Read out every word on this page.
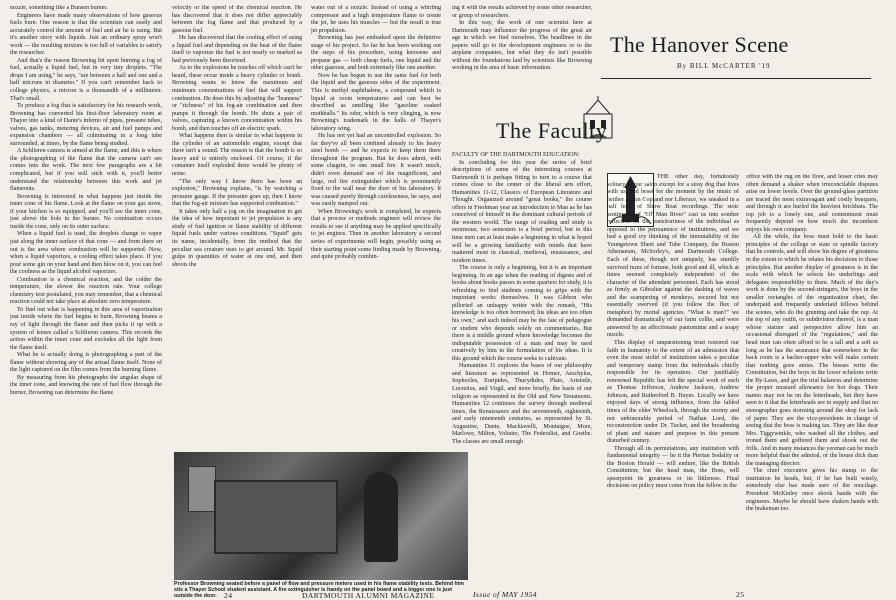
nozzle, something like a Bunsen burner.

Engineers have made many observations of how gaseous fuels burn. One reason is that the scientists can easily and accurately control the amount of fuel and air he is using. But it's another story with liquids. Just an ordinary spray won't work — the resulting mixture is too full of variables to satisfy the researcher.

And that's the reason Browning hit upon burning a fog of fuel, actually a liquid fuel, but in very tiny droplets. "The drops I am using," he says, "are between a half and one and a half microns in diameter." If you can't remember back to college physics, a micron is a thousandth of a millimeter. That's small.

To produce a fog that is satisfactory for his research work, Browning has converted his first-floor laboratory room at Thayer into a kind of Dante's inferno of pipes, pressure tubes, valves, gas tanks, metering devices, air and fuel pumps and expansion chambers — all culminating in a long tube surrounded, at times, by the flame being studied.

A Schlieren camera is aimed at the flame, and this is where the photographing of the flame that the camera can't see comes into the work. The next few paragraphs are a bit complicated, but if you will stick with it, you'll better understand the relationship between this work and jet flameouts.

Browning is interested in what happens just inside the inner cone of his flame. Look at the flame on your gas stove, if your kitchen is so equipped, and you'll see the inner cone, just above the hole in the burner. No combustion occurs inside the cone, only on its outer surface.

When a liquid fuel is used, the droplets change to vapor just along the inner surface of that cone — and from there on out is the area where combustion will be supported. Now, when a liquid vaporizes, a cooling effect takes place. If you pour some gin on your hand and then blow on it, you can feel the coolness as the liquid alcohol vaporizes.

Combustion is a chemical reaction, and the colder the temperature, the slower the reaction rate. Your college chemistry text postulated, you may remember, that a chemical reaction could not take place at absolute zero temperature.

To find out what is happening in this area of vaporization just inside where the fuel begins to burn, Browning beams a ray of light through the flame and then picks it up with a system of lenses called a Schlieren camera. This records the action within the inner cone and excludes all the light from the flame itself.

What he is actually doing is photographing a part of the flame without showing any of the actual flame itself. None of the light captured on the film comes from the burning flame.

By measuring from his photographs the angular shape of the inner cone, and knowing the rate of fuel flow through the burner, Browning can determine the flame

velocity or the speed of the chemical reaction. He has discovered that it does not differ appreciably between the fog flame and that produced by a gaseous fuel.

He has discovered that the cooling effect of using a liquid fuel and depending on the heat of the flame itself to vaporize the fuel is not nearly so marked as had previously been theorized.

As to the explosions he touches off which can't be heard, these occur inside a heavy cylinder or bomb. Browning wants to know the maximum and minimum concentrations of fuel that will support combustion. He does this by adjusting the "leanness" or "richness" of his fog-air combination and then pumps it through the bomb. He shuts a pair of valves, capturing a known concentration within his bomb, and then touches off an electric spark.

What happens then is similar to what happens in the cylinder of an automobile engine, except that there isn't a sound. The reason is that the bomb is so heavy and is entirely enclosed. Of course, if the container itself exploded there would be plenty of noise.

"The only way I know there has been an explosion," Browning explains, "is by watching a pressure gauge. If the pressure goes up, then I know that the fog-air mixture has supported combustion."

It takes only half a jog on the imagination to get the idea of how important to jet propulsion is any study of fuel ignition or flame stability of different liquid fuels under various conditions. "Squid" gets its name, incidentally, from the method that the peculiar sea creature uses to get around. Mr. Squid gulps in quantities of water at one end, and then shoots the

water out of a nozzle. Instead of using a whirling compressor and a high temperature flame to create the jet, he uses his muscles — but the result is true jet propulsion.

Browning has just embarked upon the definitive stage of his project. So far he has been working out the steps of his procedure, using kerosene and propane gas — both cheap fuels, one liquid and the other gaseous, and both extremely like one another.

Now he has begun to use the same fuel for both the liquid and the gaseous sides of the experiment. This is methyl naphthalene, a compound which is liquid at room temperatures and can best be described as smelling like "gasoline soaked mothballs." Its odor, which is very clinging, is now Browning's trademark in the halls of Thayer's laboratory wing.

He has not yet had an uncontrolled explosion. So far they've all been confined already to his heavy steel bomb — and he expects to keep them there throughout the program. But he does admit, with some chagrin, to one small fire. It wasn't much, didn't even demand use of the magnificent, and large, red fire extinguisher which is prominently fixed to the wall near the door of his laboratory. It was caused purely through carelessness, he says, and was easily stamped out.

When Browning's work is completed, he expects that a process or methods engineer will review the results to see if anything may be applied specifically to jet engines. Then in another laboratory a second series of experiments will begin, possibly using as their starting point some finding made by Browning, and quite probably combin-

Professor Browning seated before a panel of flow and pressure meters used in his flame stability tests. Behind him sits a Thayer School student assistant. A fire extinguisher is handy on the panel board and a bigger one is just outside the door. 24	DARTMOUTH ALUMNI MAGAZINE

ing it with the results achieved by some other researcher, or group of researchers.

In this way, the work of one scientist here at Dartmouth may influence the progress of the great air age in which we find ourselves. The headlines in the papers will go to the development engineers or to the airplane companies, but what they do isn't possible without the foundations laid by scientists like Browning working in the area of basic information.

The Faculty

FACULTY OF THE DARTMOUTH EDUCATION:

In concluding for this year the series of brief descriptions of some of the interesting courses at Dartmouth it is perhaps fitting to turn to a course that comes close to the center of the liberal arts effort, Humanities 11-12, Classics of European Literature and Thought. Organized around "great books," the course offers in Freshman year an introduction to Man as he has conceived of himself in the dominant cultural periods of the western world. The range of reading and study is enormous; two semesters is a brief period, but in this time men can at least make a beginning in what is hoped will be a growing familiarity with minds that have mattered most in classical, medieval, renaissance, and modern times.

The course is only a beginning, but it is an important beginning. In an age when the reading of digests and of books about books passes in some quarters for study, it is refreshing to find students coming to grips with the important works themselves. It was Gibbon who pilloried an unhappy writer with the remark, "His knowledge is too often borrowed; his ideas are too often his own," and such indeed may be the fate of pedagogue or student who depends solely on commentaries. But there is a middle ground where knowledge becomes the indisputable possession of a man and may be used creatively by him in the formulation of his ideas. It is this ground which the course seeks to cultivate.

Humanities 11 explores the bases of our philosophy and literature as represented in Homer, Aeschylus, Sophocles, Euripides, Thucydides, Plato, Aristotle, Lucretius, and Virgil, and more briefly, the basis of our religion as represented in the Old and New Testaments. Humanities 12 continues the survey through medieval times, the Renaissance and the seventeenth, eighteenth, and early nineteenth centuries, as represented by St. Augustine, Dante, Machiavelli, Montaigne, More, Marlowe, Milton, Voltaire, The Federalist, and Goethe. The classes are small enough

Issue of MAY 1954
The Hanover Scene
By BILL McCARTER '19

THE other day, fortuitously solitary in our salon except for a stray dog that lives with us, and beset for the moment by the music of neither Aaron Copland nor Liberace, we sneaked in a half hour of Show Boat recordings. The stoic sentiments of "Ol' Man River" cast us into somber reflection on the transitoriness of the individual as opposed to the permanence of institutions, and we had a good cry thinking of the immutability of the Youngstown Sheet and Tube Company, the Boston Athenaeum, McSorley's, and Dartmouth College. Each of these, though not uniquely, has sturdily survived turns of fortune, both good and ill, which at times seemed completely independent of the character of the attendant personnel. Each has stood as firmly as Gibraltar against the dashing of waves and the scampering of monkeys, secured but not essentially swerved (if you follow the flux of metaphor) by mortal agencies. "What is man?" we demanded dramatically of our farm collie, and were answered by an affectionate pantomime and a soapy nuzzle.

This display of unquestioning trust restored our faith in humanity to the extent of an admission that even the most stolid of institutions takes a peculiar and temporary stamp from the individuals chiefly responsible for its operation. Our justifiably renowned Republic has felt the special work of such as Thomas Jefferson, Andrew Jackson, Andrew Johnson, and Rutherford B. Hayes. Locally we have enjoyed days of strong influence, from the fabled times of the elder Wheelock, through the stormy and not unhonorable period of Nathan Lord, the reconstruction under Dr. Tucker, and the broadening of plant and stature and purpose in this present disturbed century.

Through all its permutations, any institution with fundamental integrity — be it the Pierian Sodality or the Boston Herald — will endure, like the British Constitution; but the head man, the Boss, will spearpoint its greatness or its littleness. Final decisions on policy must come from the fellow in the

office with the rug on the floor, and lesser cries may often demand a shaker when irreconcilable disputes arise on lower levels. Over the ground-glass partition are traced the most extravagant and costly bouquets, and through it are hurled the heaviest brickbats. The top job is a lonely one, and contentment must frequently depend on how much the incumbent enjoys his own company.

All the while, the boss must hold to the basic principles of the college or state or spindle factory that he controls, and will show his degree of greatness in the extent to which he relates his decisions to those principles. But another display of greatness is in the scale with which he selects his underlings and delegates responsibility to them. Much of the day's work is done by the second-stringers, the boys in the smaller rectangles of the organization chart, the underpaid and frequently underlaid fellows behind the scenes, who do the grunting and take the rap. At the top of any outfit, or subdivision thereof, is a man whose stature and perspective allow him an occasional disregard of the "regulations," and the head man can often afford to be a tall and a soft as long as he has the assurance that somewhere in the back room is a backer-upper who will make certain that nothing goes amiss. The bosses write the Constitution, but the boys in the lower echelons write the By-Laws, and get the trial balances and determine the proper mustard allowance for hot dogs. Their names may not be on the letterheads, but they have seen to it that the letterheads are in supply and that no stenographer goes storming around the shop for lack of paper. They are the vice-presidents in charge of seeing that the boss is making tax. They are like dear Mrs. Tiggywinkle, who washed all the clothes, and ironed them and goffered them and shook out the frills. And in many instances the yeoman can be much more helpful than the admiral, or the house dick than the managing director.

The chief executive gives his stamp to the institution he heads, but, if he has built wisely, somebody else has made sure of the mucilage. President McKinley once shook hands with the engineers. Maybe he should have shaken hands with the brakeman too.

25
